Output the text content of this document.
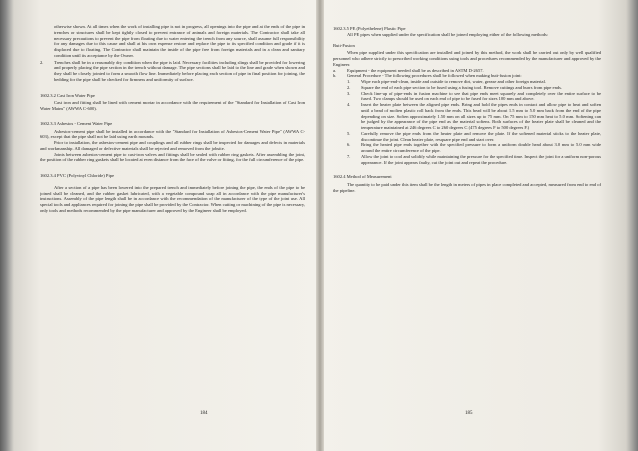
otherwise shown. At all times when the work of installing pipe is not in progress, all openings into the pipe and at the ends of the pipe in trenches or structures shall be kept tightly closed to prevent entrance of animals and foreign materials. The Contractor shall take all necessary precautions to prevent the pipe from floating due to water entering the trench from any source, shall assume full responsibility for any damages due to this cause and shall at his own expense restore and replace the pipe to its specified condition and grade if it is displaced due to floating. The Contractor shall maintain the inside of the pipe free from foreign materials and in a clean and sanitary condition until its acceptance by the Owner.

2.	Trenches shall be in a reasonably dry condition when the pipe is laid. Necessary facilities including slings shall be provided for lowering and properly placing the pipe section in the trench without damage. The pipe sections shall be laid to the line and grade when shown and they shall be closely jointed to form a smooth flow line. Immediately before placing each section of pipe in final position for joining, the bedding for the pipe shall be checked for firmness and uniformity of surface.

1602.3.2 Cast Iron Water Pipe

Cast iron and fitting shall be lined with cement mortar in accordance with the requirement of the "Standard for Installation of Cast Iron Water Mains" (AWWA C-600).

1602.3.3 Asbestos - Cement Water Pipe

Asbestos-cement pipe shall be installed in accordance with the "Standard for Installation of Asbestos-Cement Water Pipe" (AWWA C-603), except that the pipe shall not be laid using earth mounds.

Prior to installation, the asbestos-cement pipe and couplings and all rubber rings shall be inspected for damages and defects in materials and workmanship. All damaged or defective materials shall be rejected and removed from the jobsite.

Joints between asbestos-cement pipe to cast-iron valves and fittings shall be sealed with rubber ring gaskets. After assembling the joint, the position of the rubber ring gaskets shall be located at even distance from the face of the valve or fitting, for the full circumference of the pipe.

1602.3.4 PVC (Polyvinyl Chloride) Pipe

After a section of a pipe has been lowered into the prepared trench and immediately before joining the pipe, the ends of the pipe to be joined shall be cleaned, and the rubber gasket lubricated, with a vegetable compound soap all in accordance with the pipe manufacturer's instructions. Assembly of the pipe length shall be in accordance with the recommendation of the manufacturer of the type of the joint use. All special tools and appliances required for joining the pipe shall be provided by the Contractor. When cutting or machining of the pipe is necessary, only tools and methods recommended by the pipe manufacturer and approved by the Engineer shall be employed.

184

1602.3.5 PE (Polyethelene) Plastic Pipe

All PE pipes when supplied under the specification shall be joined employing either of the following methods:

Butt-Fusion

When pipe supplied under this specification are installed and joined by this method, the work shall be carried out only by well qualified personnel who adhere strictly to prescribed working conditions using tools and procedures recommended by the manufacturer and approved by the Engineer.

a.	Equipment - the equipment needed shall be as described in ASTM D-2657.
b.	General Procedure - The following procedures shall be followed when making butt-fusion joint:
1.	Wipe each pipe-end-clean, inside and outside to remove dirt, water, grease and other foreign material.
2.	Square the end of each pipe section to be fused using a fusing tool. Remove cuttings and burrs from pipe ends.
3.	Check line-up of pipe-ends in fusion machine to see that pipe ends meet squarely and completely over the entire surface to be fused. Two clamps should be used on each end of pipe to be fused for sizes 100 mm and above.
4.	Insert the heater plate between the aligned pipe ends. Bring and hold the pipes ends in contact and allow pipe to heat and soften until a bead of molten plastic roll back from the ends. This bead will be about 1.5 mm to 5.0 mm back from the end of the pipe depending on size. Soften approximately 1.50 mm on all sizes up to 75 mm. On 75 mm to 150 mm heat to 5.0 mm. Softening can be judged by the appearance of the pipe end as the material softens. Both surfaces of the heater plate shall be cleaned and the temperature maintained at 246 degrees C to 260 degrees C (475 degrees F to 500 degrees F.)
5.	Carefully remove the pipe ends from the heater plate and remove the plate. If the softened material sticks to the heater plate, discontinue the joint. Clean heater plate, resquare pipe end and start over.
6.	Bring the heated pipe ends together with the specified pressure to form a uniform double head about 3.0 mm to 5.0 mm wide around the entire circumference of the pipe.
7.	Allow the joint to cool and solidify while maintaining the pressure for the specified time. Inspect the joint for a uniform non-porous appearance. If the joint appears faulty, cut the joint out and repeat the procedure.

1602.4 Method of Measurement

The quantity to be paid under this item shall be the length in meters of pipes in place completed and accepted, measured from end to end of the pipeline.

185
